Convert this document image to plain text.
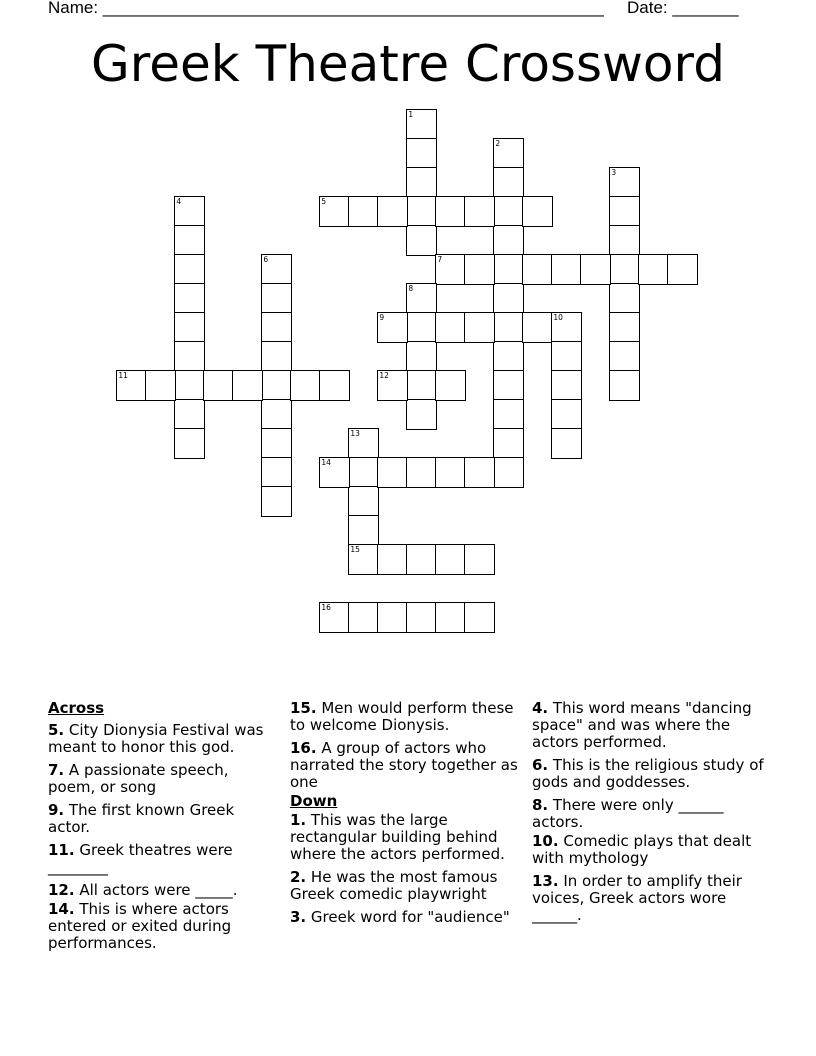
Name: _____________________________________________________ Date: _______
Greek Theatre Crossword
1
2
3
4	5
6	7
8
9	10
11	12
13
15
14
16
Across
5. City Dionysia Festival was meant to honor this god.
7. A passionate speech, poem, or song
9. The first known Greek actor.
11. Greek theatres were ________
12. All actors were _____.
14. This is where actors entered or exited during performances.
15. Men would perform these to welcome Dionysis.
16. A group of actors who narrated the story together as one
Down
1. This was the large rectangular building behind where the actors performed.
2. He was the most famous Greek comedic playwright
3. Greek word for "audience"
4. This word means "dancing space" and was where the actors performed.
6. This is the religious study of gods and goddesses.
8. There were only ______ actors.
10. Comedic plays that dealt with mythology
13. In order to amplify their voices, Greek actors wore ______.
